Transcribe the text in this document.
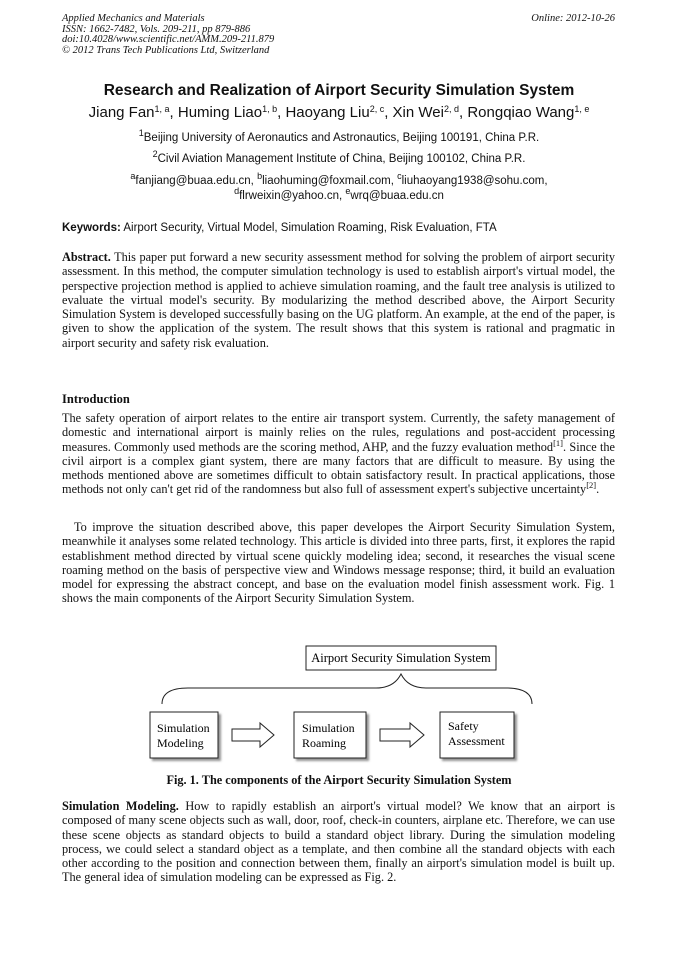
Applied Mechanics and Materials
ISSN: 1662-7482, Vols. 209-211, pp 879-886
doi:10.4028/www.scientific.net/AMM.209-211.879
© 2012 Trans Tech Publications Ltd, Switzerland
Online: 2012-10-26
Research and Realization of Airport Security Simulation System
Jiang Fan$^{1, a}$, Huming Liao$^{1, b}$, Haoyang Liu$^{2, c}$, Xin Wei$^{2, d}$, Rongqiao Wang$^{1, e}$
$^1$Beijing University of Aeronautics and Astronautics, Beijing 100191, China P.R.
$^2$Civil Aviation Management Institute of China, Beijing 100102, China P.R.
$^a$fanjiang@buaa.edu.cn, $^b$liaohuming@foxmail.com, $^c$liuhaoyang1938@sohu.com,
$^d$flrweixin@yahoo.cn, $^e$wrq@buaa.edu.cn
Keywords: Airport Security, Virtual Model, Simulation Roaming, Risk Evaluation, FTA
Abstract. This paper put forward a new security assessment method for solving the problem of airport security assessment. In this method, the computer simulation technology is used to establish airport's virtual model, the perspective projection method is applied to achieve simulation roaming, and the fault tree analysis is utilized to evaluate the virtual model's security. By modularizing the method described above, the Airport Security Simulation System is developed successfully basing on the UG platform. An example, at the end of the paper, is given to show the application of the system. The result shows that this system is rational and pragmatic in airport security and safety risk evaluation.
Introduction
The safety operation of airport relates to the entire air transport system. Currently, the safety management of domestic and international airport is mainly relies on the rules, regulations and post-accident processing measures. Commonly used methods are the scoring method, AHP, and the fuzzy evaluation method[1]. Since the civil airport is a complex giant system, there are many factors that are difficult to measure. By using the methods mentioned above are sometimes difficult to obtain satisfactory result. In practical applications, those methods not only can't get rid of the randomness but also full of assessment expert's subjective uncertainty[2].
To improve the situation described above, this paper developes the Airport Security Simulation System, meanwhile it analyses some related technology. This article is divided into three parts, first, it explores the rapid establishment method directed by virtual scene quickly modeling idea; second, it researches the visual scene roaming method on the basis of perspective view and Windows message response; third, it build an evaluation model for expressing the abstract concept, and base on the evaluation model finish assessment work. Fig. 1 shows the main components of the Airport Security Simulation System.
Airport Security Simulation System
Simulation
Modeling
Simulation
Roaming
Safety
Assessment
Fig. 1. The components of the Airport Security Simulation System
Simulation Modeling. How to rapidly establish an airport's virtual model? We know that an airport is composed of many scene objects such as wall, door, roof, check-in counters, airplane etc. Therefore, we can use these scene objects as standard objects to build a standard object library. During the simulation modeling process, we could select a standard object as a template, and then combine all the standard objects with each other according to the position and connection between them, finally an airport's simulation model is built up. The general idea of simulation modeling can be expressed as Fig. 2.
